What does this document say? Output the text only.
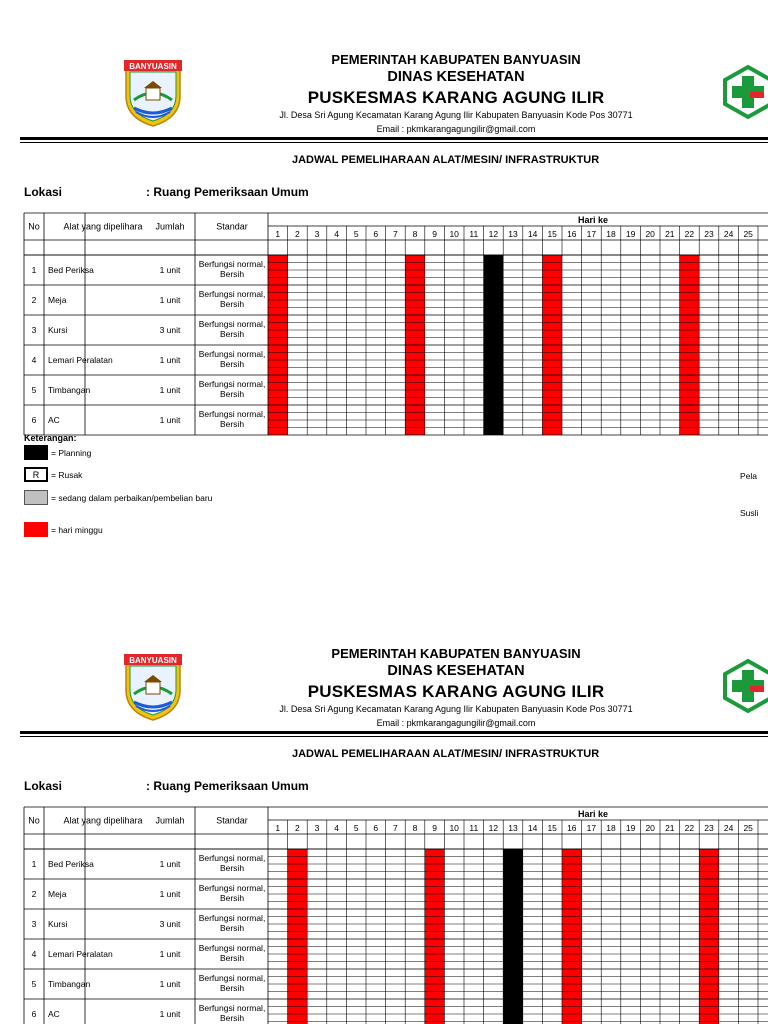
BANYUASIN	PEMERINTAH KABUPATEN BANYUASIN
DINAS KESEHATAN
PUSKESMAS KARANG AGUNG ILIR
Jl. Desa Sri Agung Kecamatan Karang Agung Ilir Kabupaten Banyuasin Kode Pos 30771
Email : pkmkarangagungilir@gmail.com
JADWAL PEMELIHARAAN ALAT/MESIN/ INFRASTRUKTUR
Lokasi	: Ruang Pemeriksaan Umum
No	Alat yang dipelihara Jumlah	Standar
Hari ke
1 2 3 4 5 6 7 8 9 10 11 12 13 14 15 16 17 18 19 20 21 22 23 24 25
1 Bed Periksa	1 unit
Berfungsi normal,
Bersih
2 Meja	1 unit
Berfungsi normal,
Bersih
3 Kursi	3 unit
Berfungsi normal,
Bersih
4 Lemari Peralatan	1 unit
Berfungsi normal,
Bersih
5 Timbangan	1 unit
Berfungsi normal,
Bersih
6 AC	1 unit
Berfungsi normal,
Bersih
Keterangan:
= Planning
R	= Rusak
= sedang dalam perbaikan/pembelian baru
= hari minggu
Pela
Susli
BANYUASIN	PEMERINTAH KABUPATEN BANYUASIN
DINAS KESEHATAN
PUSKESMAS KARANG AGUNG ILIR
Jl. Desa Sri Agung Kecamatan Karang Agung Ilir Kabupaten Banyuasin Kode Pos 30771
Email : pkmkarangagungilir@gmail.com
JADWAL PEMELIHARAAN ALAT/MESIN/ INFRASTRUKTUR
Lokasi	: Ruang Pemeriksaan Umum
No	Alat yang dipelihara Jumlah	Standar
Hari ke
1 2 3 4 5 6 7 8 9 10 11 12 13 14 15 16 17 18 19 20 21 22 23 24 25
1 Bed Periksa	1 unit
Berfungsi normal,
Bersih
2 Meja	1 unit
Berfungsi normal,
Bersih
3 Kursi	3 unit
Berfungsi normal,
Bersih
4 Lemari Peralatan	1 unit
Berfungsi normal,
Bersih
5 Timbangan	1 unit
Berfungsi normal,
Bersih
6 AC	1 unit
Berfungsi normal,
Bersih
